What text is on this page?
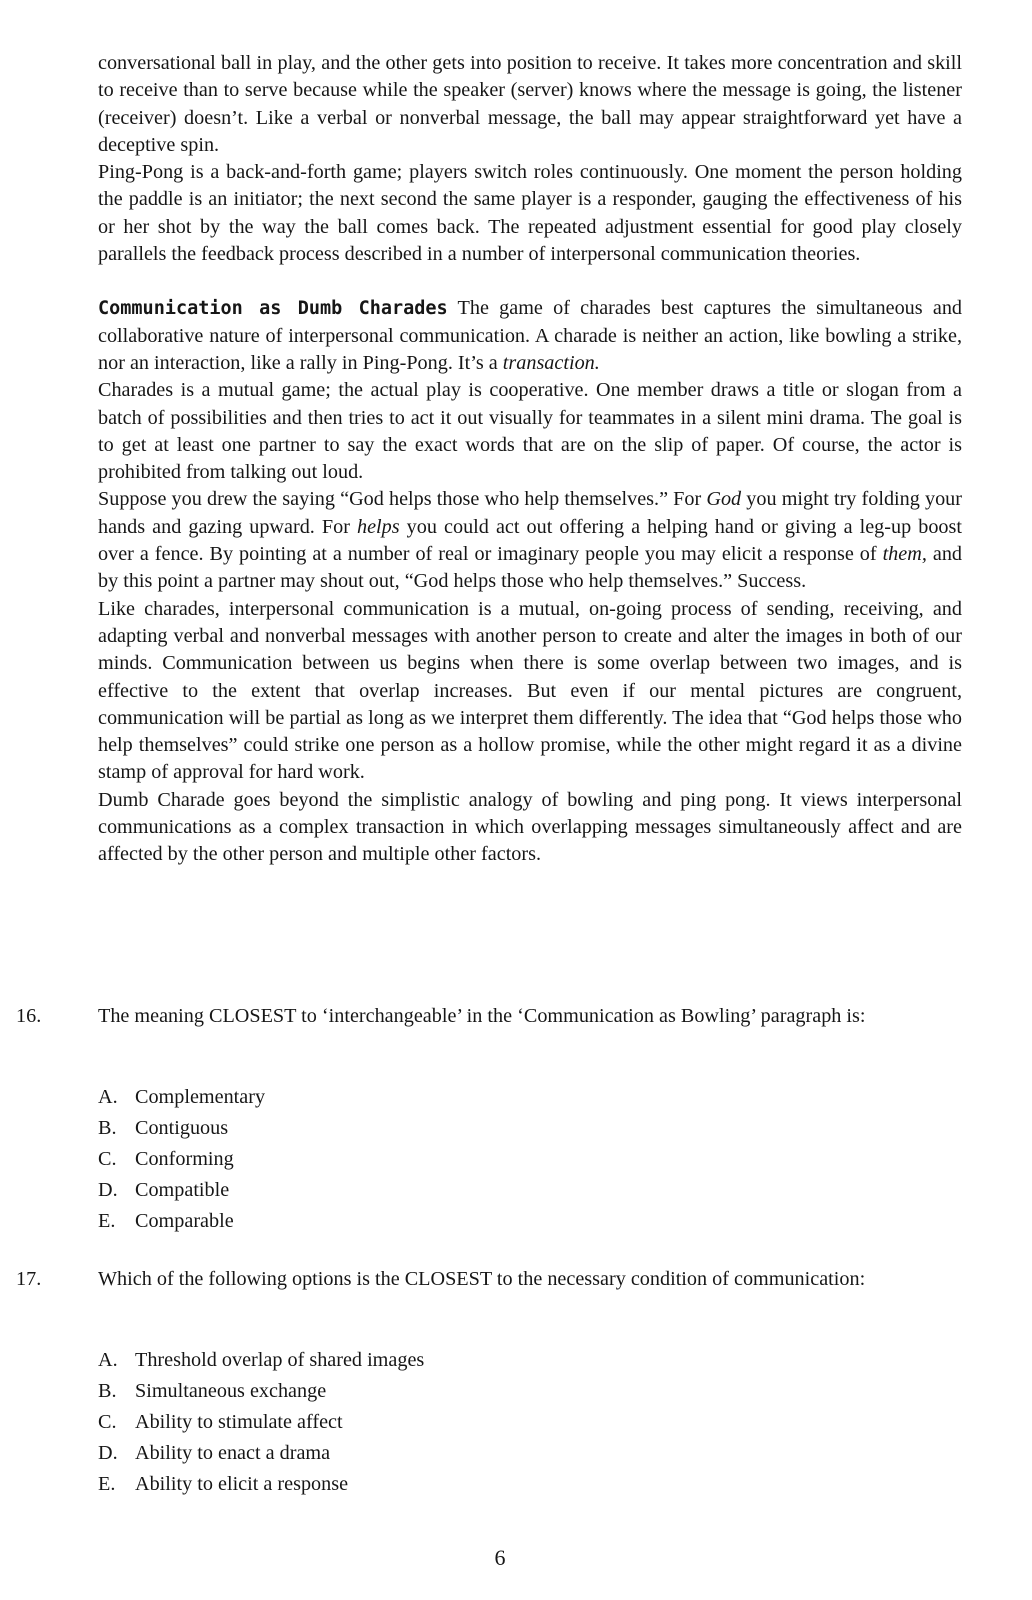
conversational ball in play, and the other gets into position to receive. It takes more concentration and skill to receive than to serve because while the speaker (server) knows where the message is going, the listener (receiver) doesn’t. Like a verbal or nonverbal message, the ball may appear straightforward yet have a deceptive spin.

Ping-Pong is a back-and-forth game; players switch roles continuously. One moment the person holding the paddle is an initiator; the next second the same player is a responder, gauging the effectiveness of his or her shot by the way the ball comes back. The repeated adjustment essential for good play closely parallels the feedback process described in a number of interpersonal communication theories.

Communication as Dumb Charades The game of charades best captures the simultaneous and collaborative nature of interpersonal communication. A charade is neither an action, like bowling a strike, nor an interaction, like a rally in Ping-Pong. It’s a transaction.

Charades is a mutual game; the actual play is cooperative. One member draws a title or slogan from a batch of possibilities and then tries to act it out visually for teammates in a silent mini drama. The goal is to get at least one partner to say the exact words that are on the slip of paper. Of course, the actor is prohibited from talking out loud.

Suppose you drew the saying “God helps those who help themselves.” For God you might try folding your hands and gazing upward. For helps you could act out offering a helping hand or giving a leg-up boost over a fence. By pointing at a number of real or imaginary people you may elicit a response of them, and by this point a partner may shout out, “God helps those who help themselves.” Success.

Like charades, interpersonal communication is a mutual, on-going process of sending, receiving, and adapting verbal and nonverbal messages with another person to create and alter the images in both of our minds. Communication between us begins when there is some overlap between two images, and is effective to the extent that overlap increases. But even if our mental pictures are congruent, communication will be partial as long as we interpret them differently. The idea that “God helps those who help themselves” could strike one person as a hollow promise, while the other might regard it as a divine stamp of approval for hard work.

Dumb Charade goes beyond the simplistic analogy of bowling and ping pong. It views interpersonal communications as a complex transaction in which overlapping messages simultaneously affect and are affected by the other person and multiple other factors.

16.	The meaning CLOSEST to ‘interchangeable’ in the ‘Communication as Bowling’ paragraph is:

A. Complementary
B. Contiguous
C. Conforming
D. Compatible
E. Comparable
17.	Which of the following options is the CLOSEST to the necessary condition of communication:

A. Threshold overlap of shared images
B. Simultaneous exchange
C. Ability to stimulate affect
D. Ability to enact a drama
E. Ability to elicit a response
6
